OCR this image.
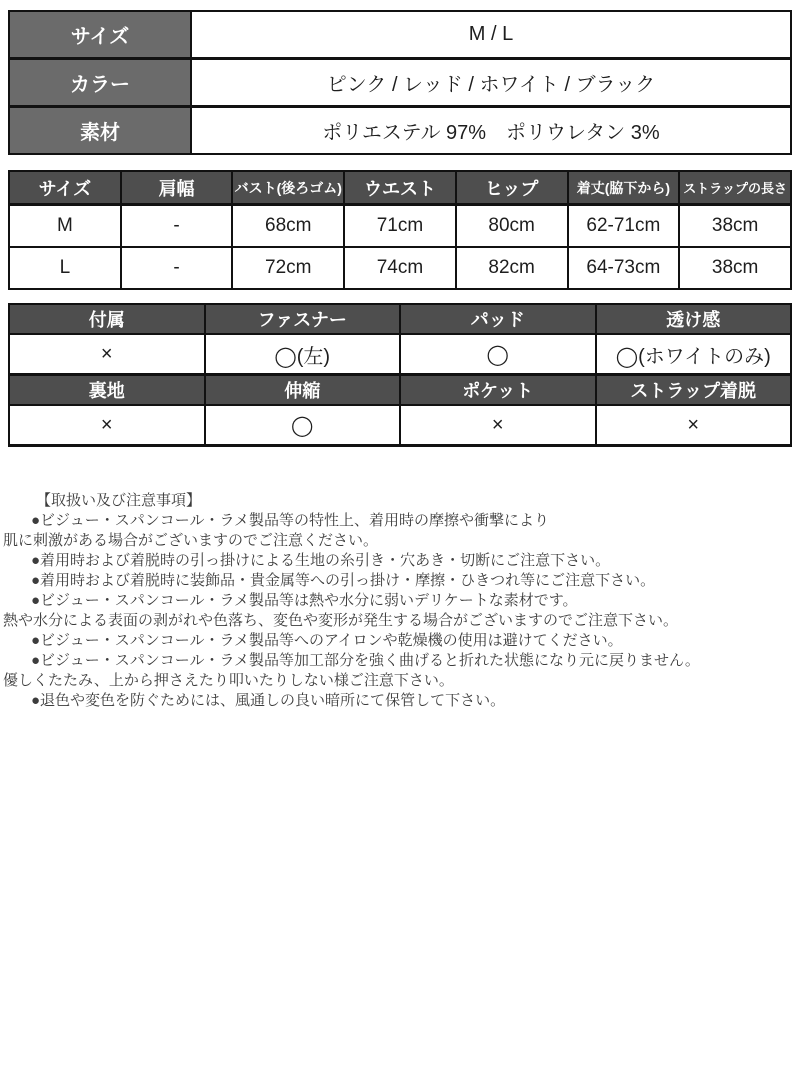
サイズ	M / L
カラー	ピンク / レッド / ホワイト / ブラック
素材	ポリエステル 97%　ポリウレタン 3%
サイズ	肩幅	バスト(後ろゴム)	ウエスト	ヒップ	着丈(脇下から)	ストラップの長さ
M	-	68cm	71cm	80cm	62-71cm	38cm
L	-	72cm	74cm	82cm	64-73cm	38cm
付属	ファスナー	パッド	透け感
×	◯(左)	◯	◯(ホワイトのみ)
裏地	伸縮	ポケット	ストラップ着脱
×	◯	×	×
【取扱い及び注意事項】
●ビジュー・スパンコール・ラメ製品等の特性上、着用時の摩擦や衝撃により
肌に刺激がある場合がございますのでご注意ください。
●着用時および着脱時の引っ掛けによる生地の糸引き・穴あき・切断にご注意下さい。
●着用時および着脱時に装飾品・貴金属等への引っ掛け・摩擦・ひきつれ等にご注意下さい。
●ビジュー・スパンコール・ラメ製品等は熱や水分に弱いデリケートな素材です。
熱や水分による表面の剥がれや色落ち、変色や変形が発生する場合がございますのでご注意下さい。
●ビジュー・スパンコール・ラメ製品等へのアイロンや乾燥機の使用は避けてください。
●ビジュー・スパンコール・ラメ製品等加工部分を強く曲げると折れた状態になり元に戻りません。
優しくたたみ、上から押さえたり叩いたりしない様ご注意下さい。
●退色や変色を防ぐためには、風通しの良い暗所にて保管して下さい。
